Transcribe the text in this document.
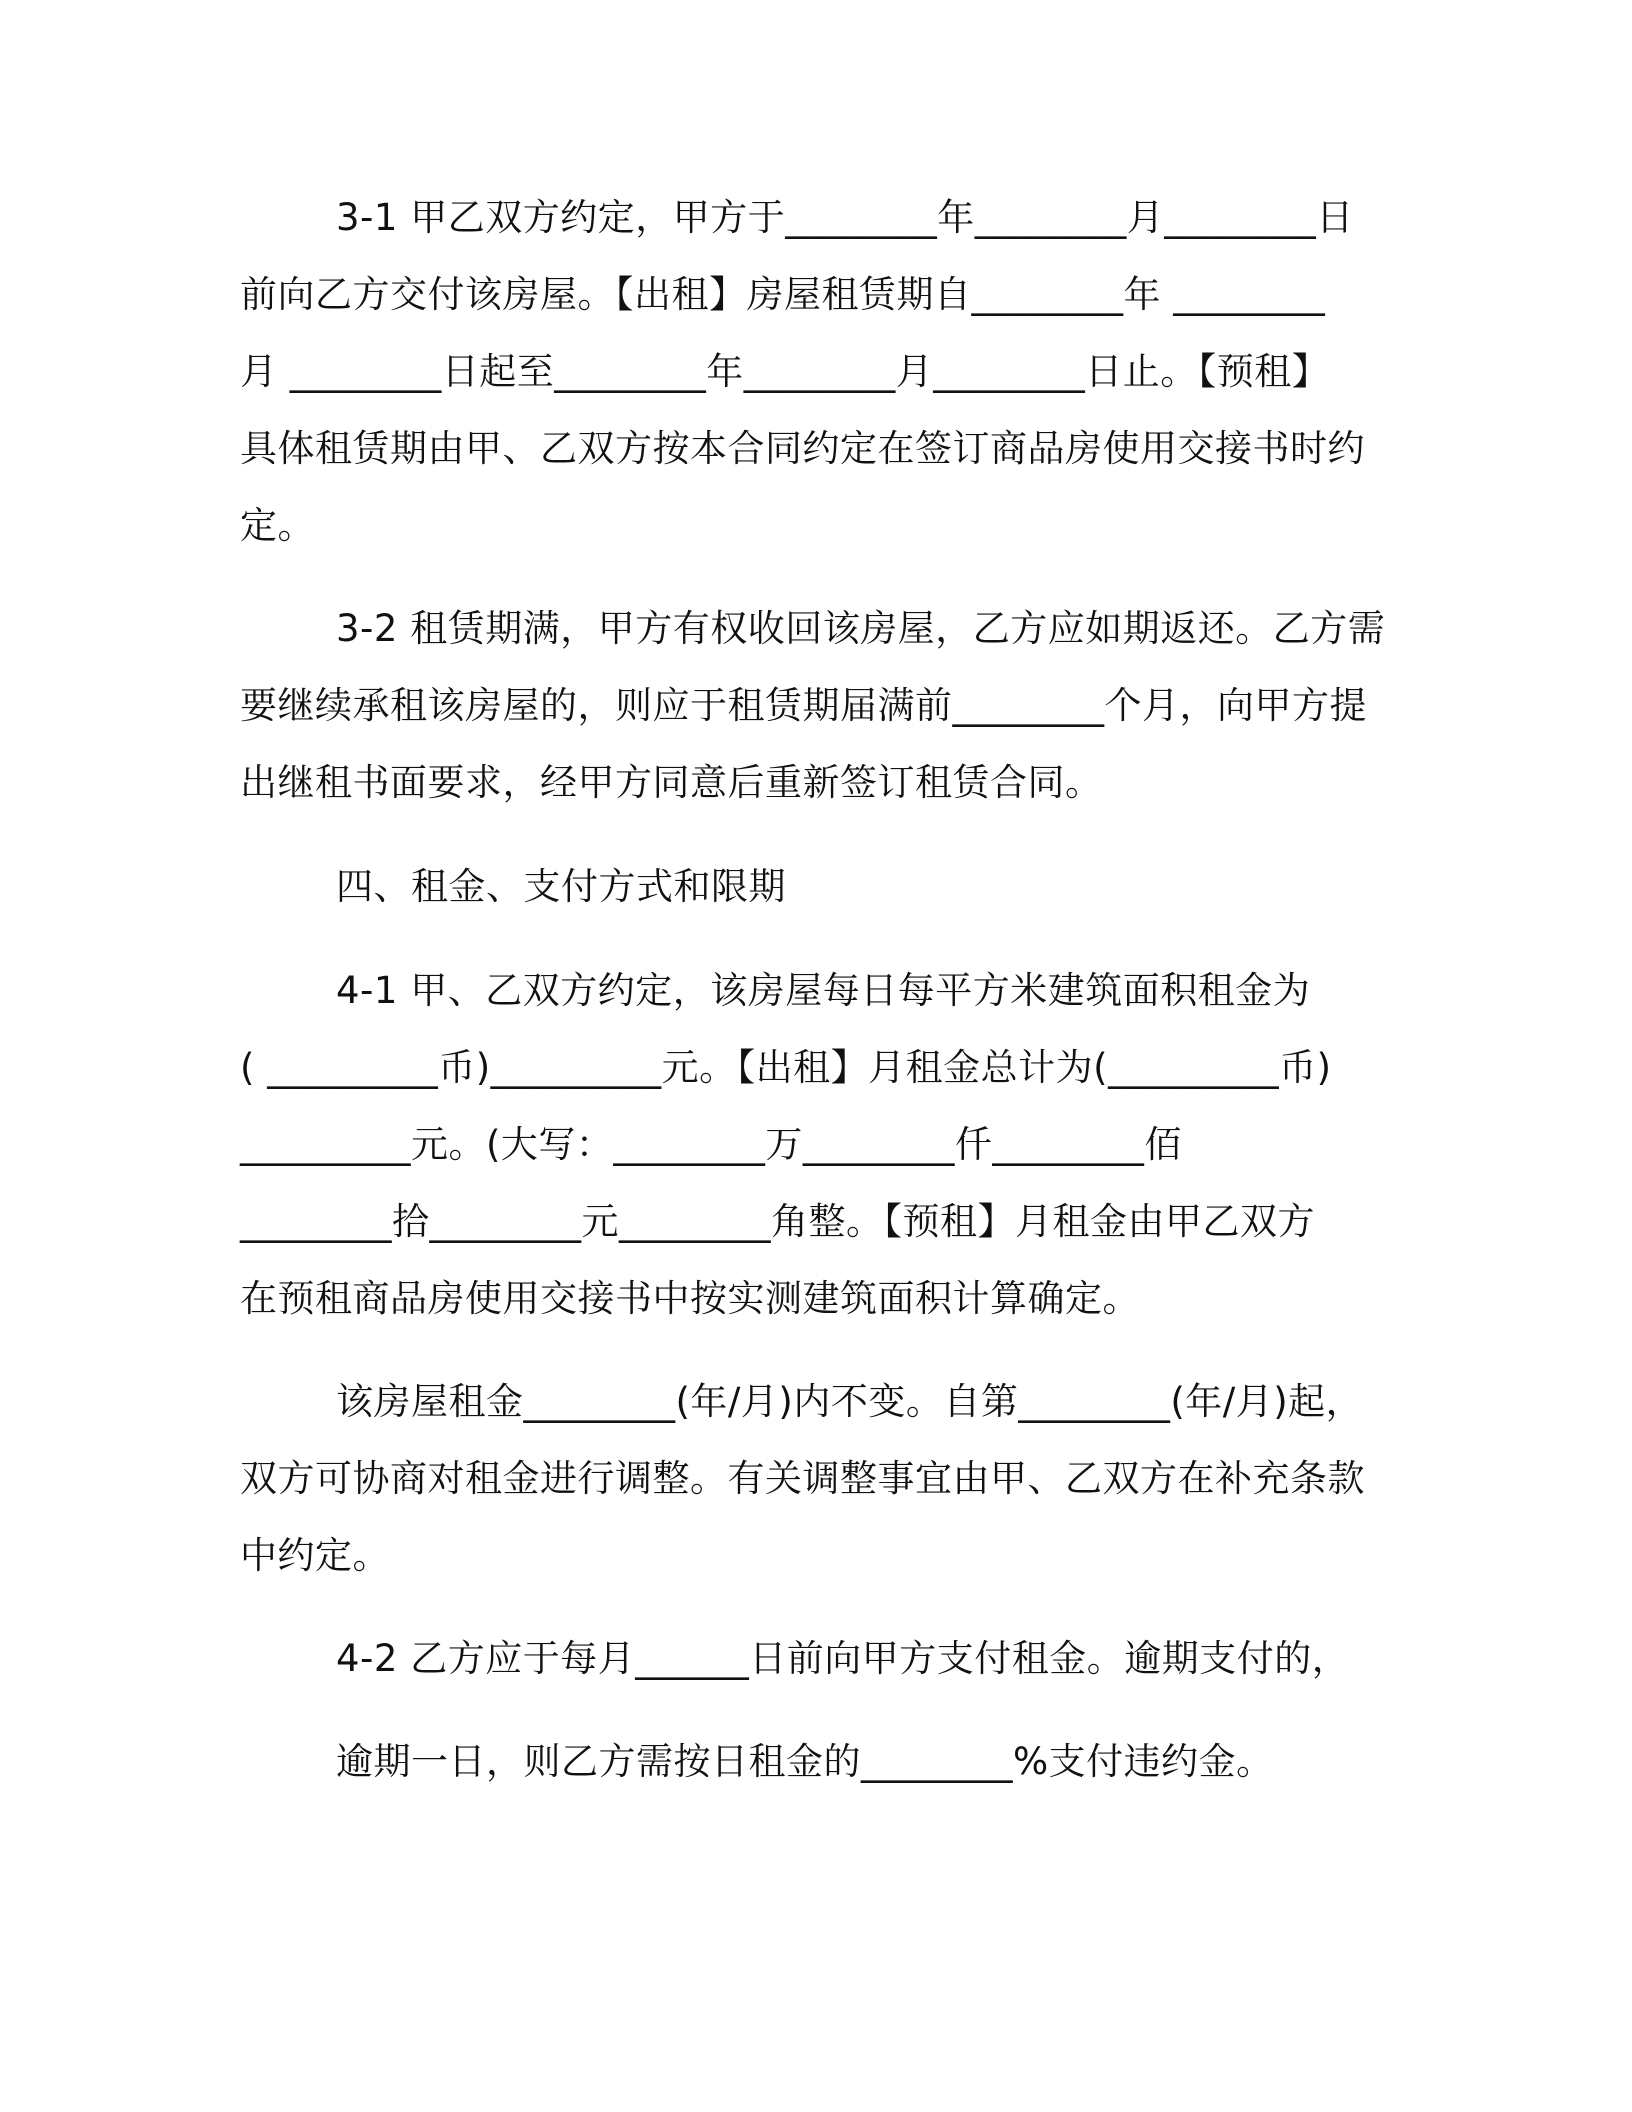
3-1 甲乙双方约定，甲方于________年________月________日
前向乙方交付该房屋。【出租】房屋租赁期自________年 ________
月 ________日起至________年________月________日止。【预租】
具体租赁期由甲、乙双方按本合同约定在签订商品房使用交接书时约
定。
3-2 租赁期满，甲方有权收回该房屋，乙方应如期返还。乙方需
要继续承租该房屋的，则应于租赁期届满前________个月，向甲方提
出继租书面要求，经甲方同意后重新签订租赁合同。
四、租金、支付方式和限期
4-1 甲、乙双方约定，该房屋每日每平方米建筑面积租金为
( _________币)_________元。【出租】月租金总计为(_________币)
_________元。(大写：________万________仟________佰
________拾________元________角整。【预租】月租金由甲乙双方
在预租商品房使用交接书中按实测建筑面积计算确定。
该房屋租金________(年/月)内不变。自第________(年/月)起，
双方可协商对租金进行调整。有关调整事宜由甲、乙双方在补充条款
中约定。
4-2 乙方应于每月______日前向甲方支付租金。逾期支付的，
逾期一日，则乙方需按日租金的________%支付违约金。
